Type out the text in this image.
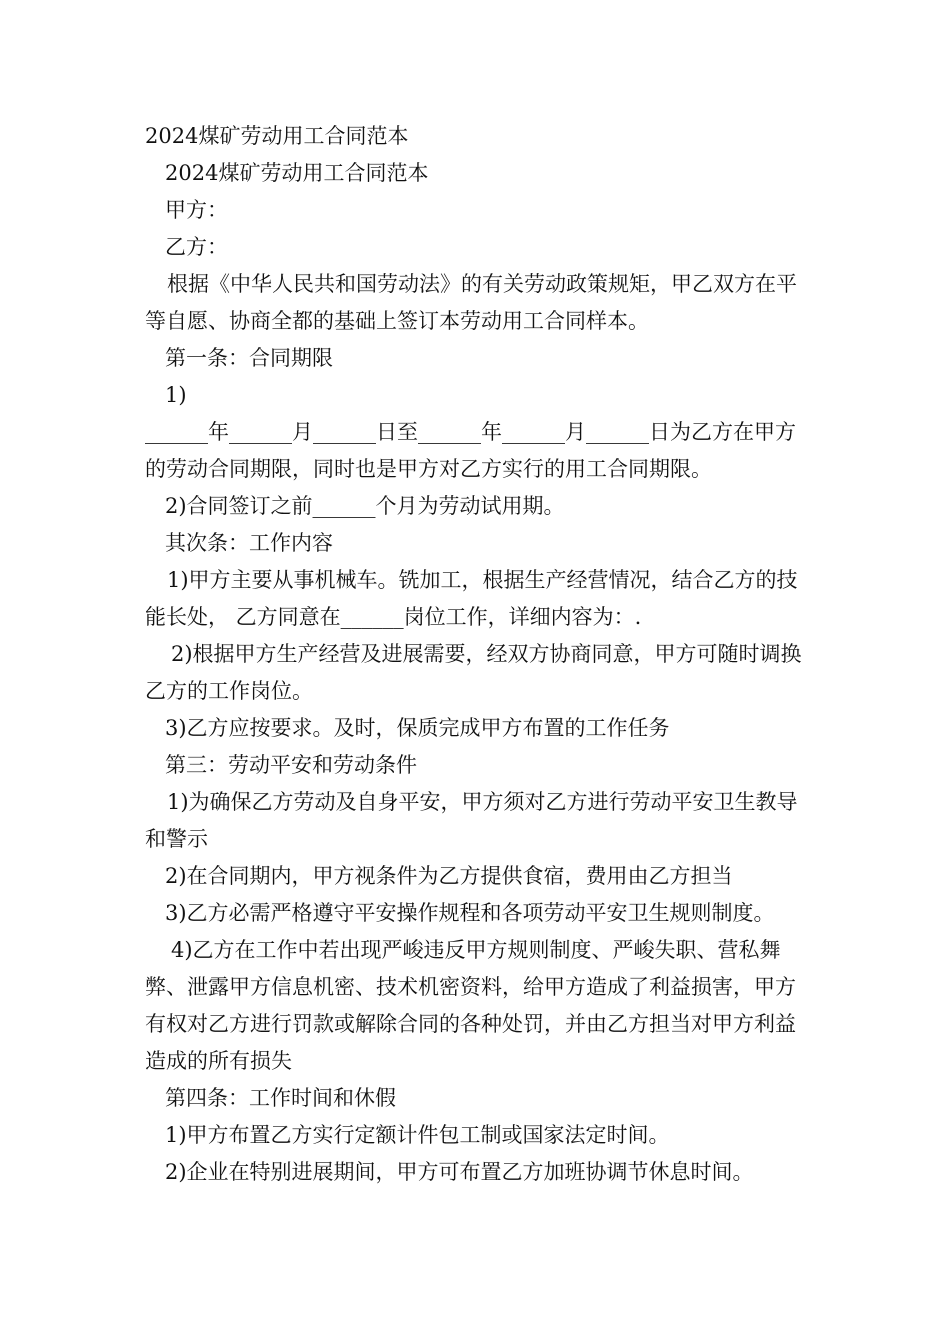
2024煤矿劳动用工合同范本

2024煤矿劳动用工合同范本

甲方：

乙方：

根据《中华人民共和国劳动法》的有关劳动政策规矩，甲乙双方在平等自愿、协商全都的基础上签订本劳动用工合同样本。

第一条：合同期限

1)

______年______月______日至______年______月______日为乙方在甲方的劳动合同期限，同时也是甲方对乙方实行的用工合同期限。

2)合同签订之前______个月为劳动试用期。

其次条：工作内容

1)甲方主要从事机械车。铣加工，根据生产经营情况，结合乙方的技能长处， 乙方同意在______岗位工作，详细内容为：.

2)根据甲方生产经营及进展需要，经双方协商同意，甲方可随时调换乙方的工作岗位。

3)乙方应按要求。及时，保质完成甲方布置的工作任务

第三：劳动平安和劳动条件

1)为确保乙方劳动及自身平安，甲方须对乙方进行劳动平安卫生教导和警示

2)在合同期内，甲方视条件为乙方提供食宿，费用由乙方担当

3)乙方必需严格遵守平安操作规程和各项劳动平安卫生规则制度。

4)乙方在工作中若出现严峻违反甲方规则制度、严峻失职、营私舞弊、泄露甲方信息机密、技术机密资料，给甲方造成了利益损害，甲方有权对乙方进行罚款或解除合同的各种处罚，并由乙方担当对甲方利益造成的所有损失

第四条：工作时间和休假

1)甲方布置乙方实行定额计件包工制或国家法定时间。

2)企业在特别进展期间，甲方可布置乙方加班协调节休息时间。
